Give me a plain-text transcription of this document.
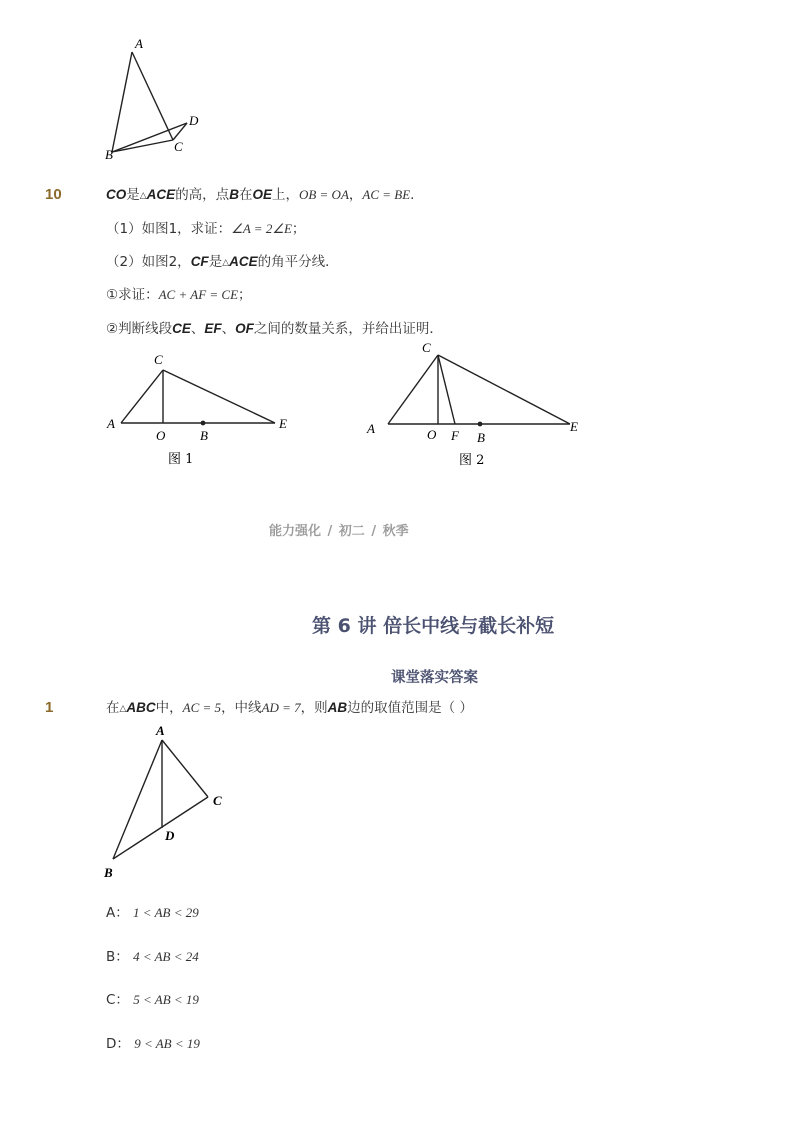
A
B
C
D
10	CO是△ACE的高，点B在OE上，OB = OA，AC = BE.
（1）如图1，求证：∠A = 2∠E；
（2）如图2，CF是△ACE的角平分线．
①求证：AC + AF = CE；
②判断线段CE、EF、OF之间的数量关系，并给出证明．
A
C
O	B
E
图 1
A
C
O F B
E
图 2
能力强化 / 初二 / 秋季
第 6 讲 倍长中线与截长补短
课堂落实答案
1	在△ABC中，AC = 5，中线AD = 7，则AB边的取值范围是（ ）
A
B
C
D
A： 1 < AB < 29
B： 4 < AB < 24
C： 5 < AB < 19
D： 9 < AB < 19
